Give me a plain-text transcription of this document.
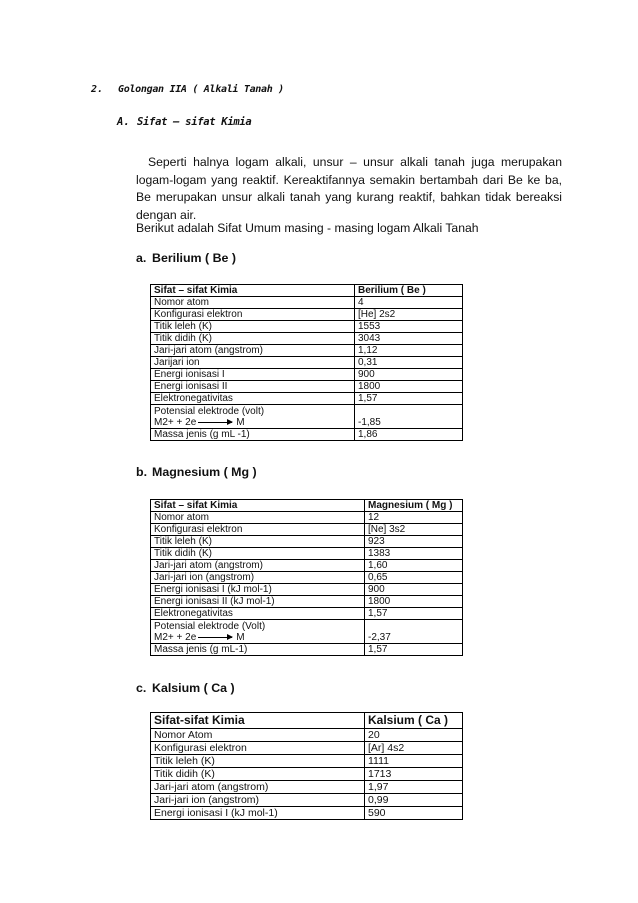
2. Golongan IIA ( Alkali Tanah )
A. Sifat – sifat Kimia
Seperti halnya logam alkali, unsur – unsur alkali tanah juga merupakan logam-logam yang reaktif. Kereaktifannya semakin bertambah dari Be ke ba, Be merupakan unsur alkali tanah yang kurang reaktif, bahkan tidak bereaksi dengan air.
Berikut adalah Sifat Umum masing - masing logam Alkali Tanah
a. Berilium ( Be )
Sifat – sifat Kimia	Berilium ( Be )
Nomor atom	4
Konfigurasi elektron	[He] 2s2
Titik leleh (K)	1553
Titik didih (K)	3043
Jari-jari atom (angstrom)	1,12
Jarijari ion	0,31
Energi ionisasi I	900
Energi ionisasi II	1800
Elektronegativitas	1,57

Potensial elektrode (volt)
M2+ + 2e → M	-1,85
Massa jenis (g mL -1)	1,86
b. Magnesium ( Mg )
Sifat – sifat Kimia	Magnesium ( Mg )
Nomor atom	12
Konfigurasi elektron	[Ne] 3s2
Titik leleh (K)	923
Titik didih (K)	1383
Jari-jari atom (angstrom)	1,60
Jari-jari ion (angstrom)	0,65
Energi ionisasi I (kJ mol-1)	900
Energi ionisasi II (kJ mol-1)	1800
Elektronegativitas	1,57

Potensial elektrode (Volt)
M2+ + 2e → M	-2,37
Massa jenis (g mL-1)	1,57
c. Kalsium ( Ca )
Sifat-sifat Kimia	Kalsium ( Ca )
Nomor Atom	20
Konfigurasi elektron	[Ar] 4s2
Titik leleh (K)	1111
Titik didih (K)	1713
Jari-jari atom (angstrom)	1,97
Jari-jari ion (angstrom)	0,99
Energi ionisasi I (kJ mol-1)	590
